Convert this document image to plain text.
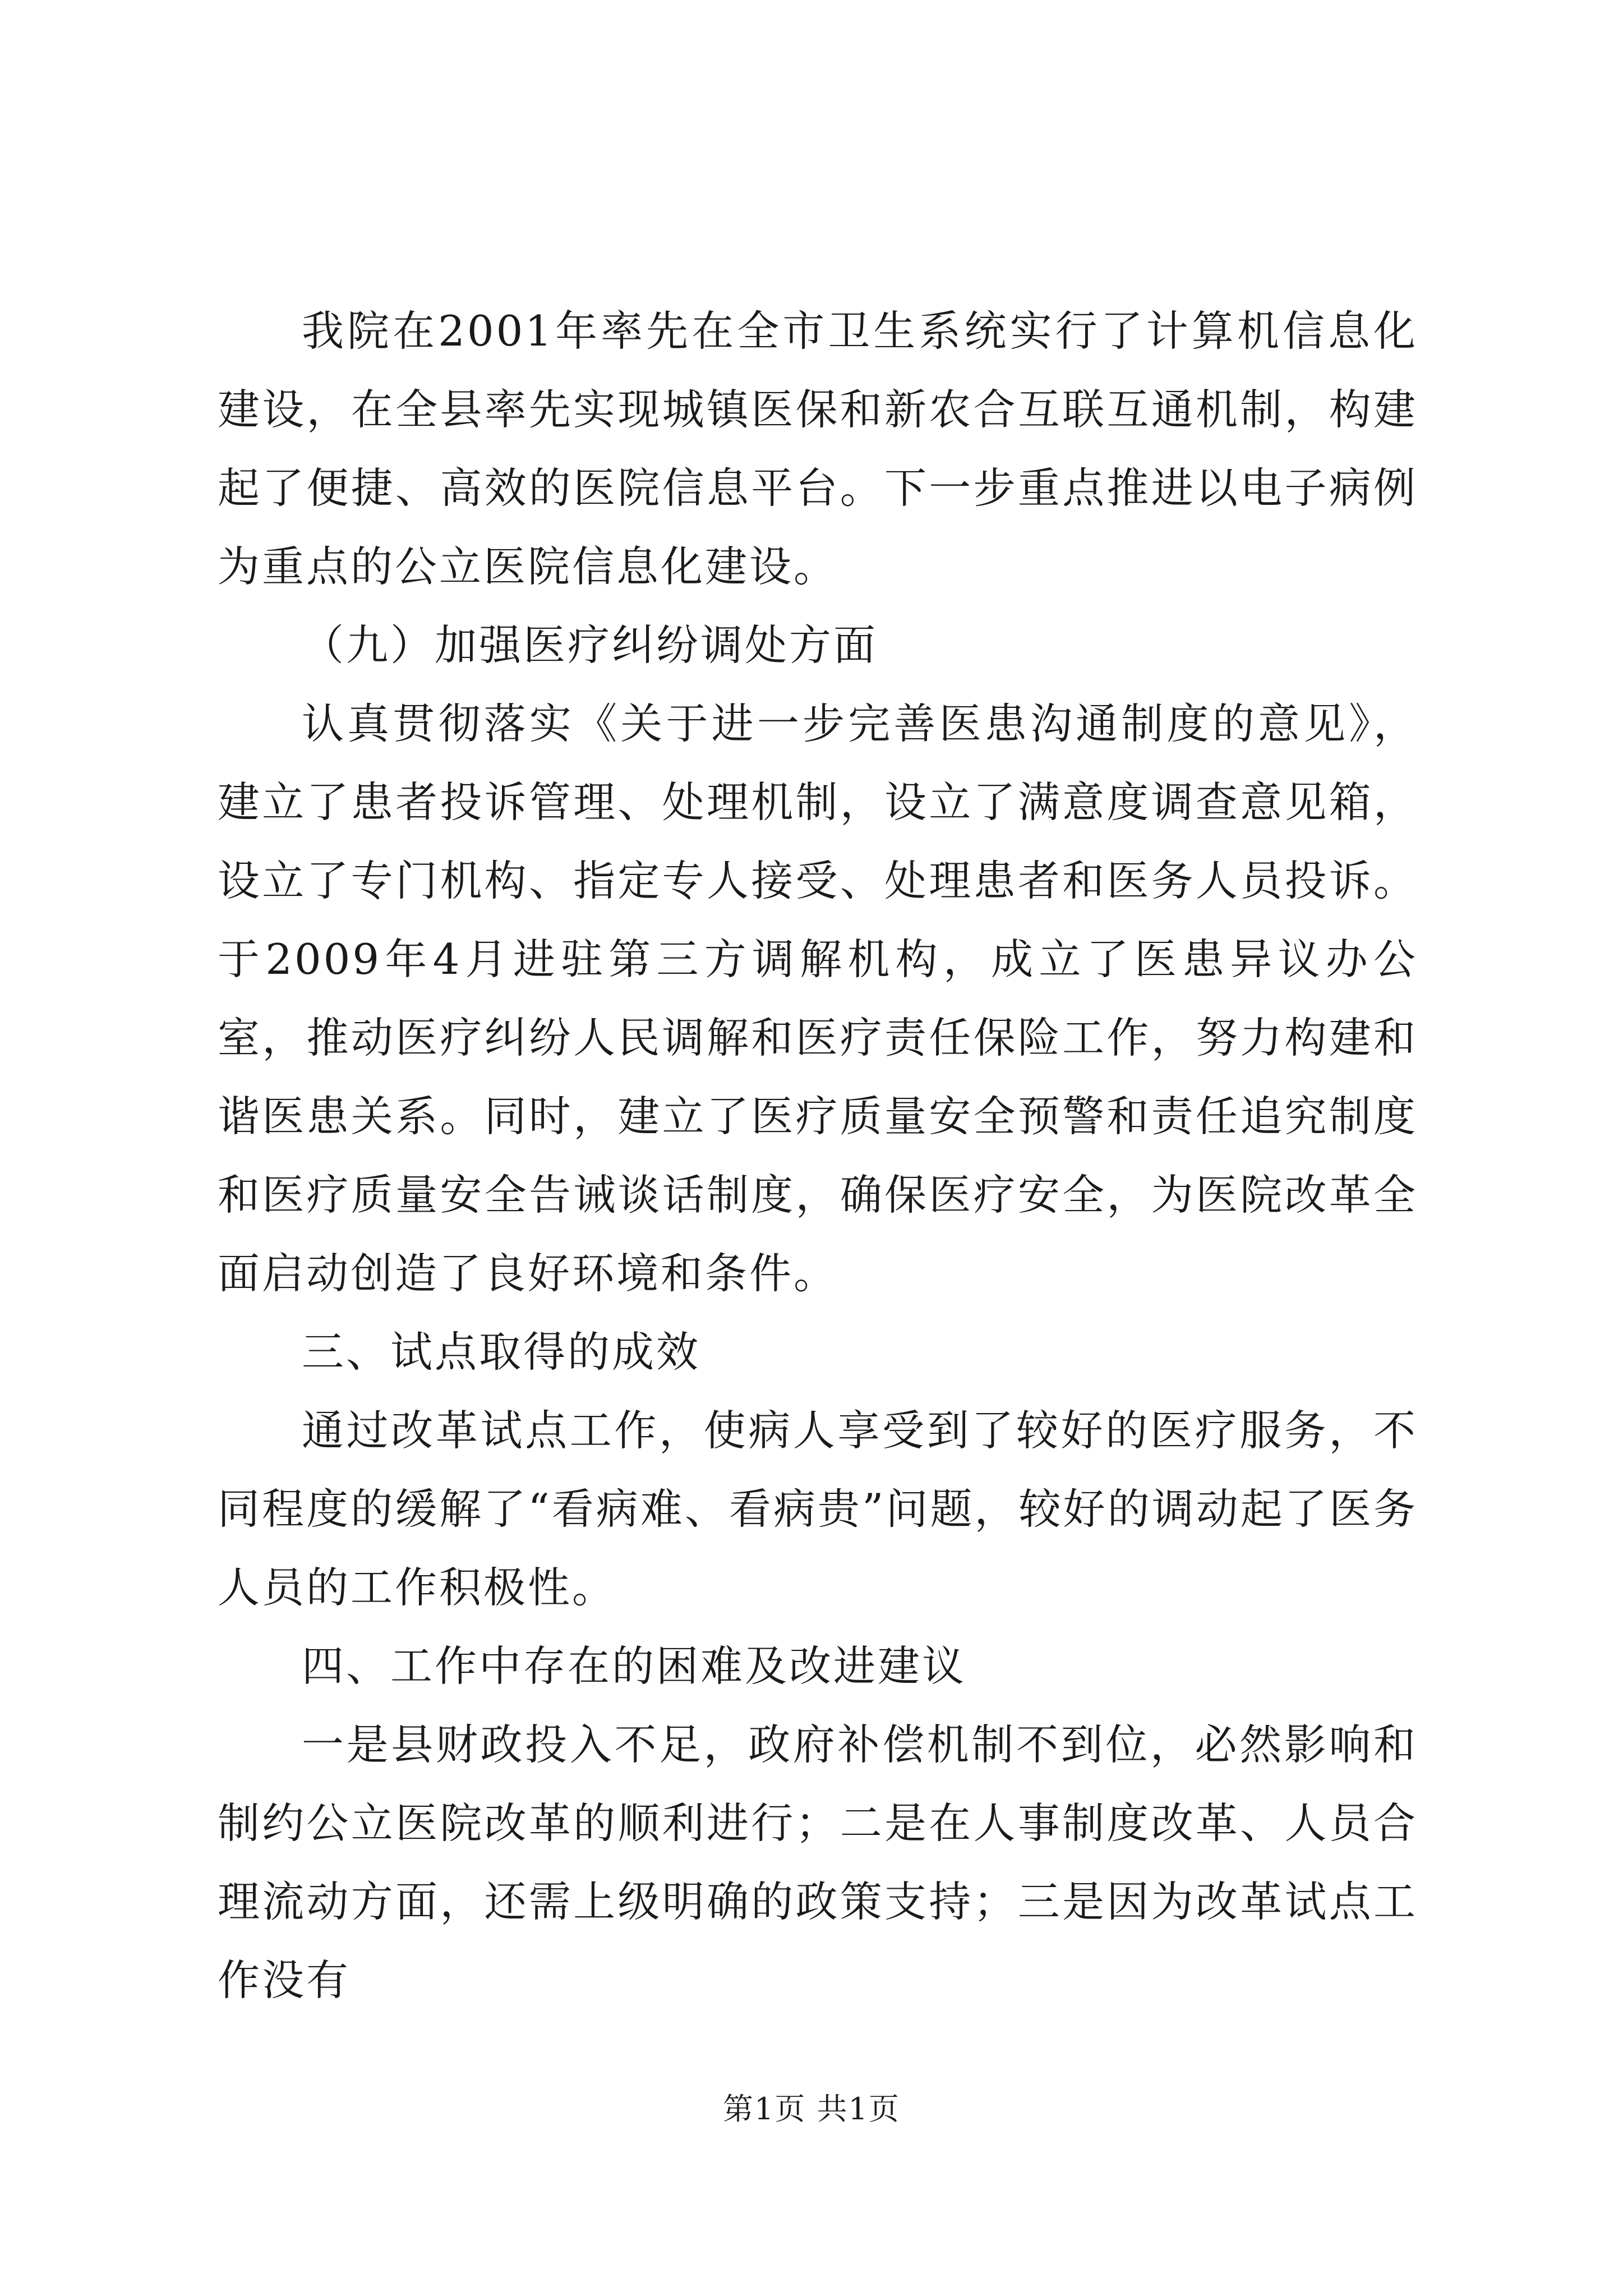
我院在2001年率先在全市卫生系统实行了计算机信息化建设，在全县率先实现城镇医保和新农合互联互通机制，构建起了便捷、高效的医院信息平台。下一步重点推进以电子病例为重点的公立医院信息化建设。

（九）加强医疗纠纷调处方面

认真贯彻落实《关于进一步完善医患沟通制度的意见》，建立了患者投诉管理、处理机制，设立了满意度调查意见箱，设立了专门机构、指定专人接受、处理患者和医务人员投诉。于2009年4月进驻第三方调解机构，成立了医患异议办公室，推动医疗纠纷人民调解和医疗责任保险工作，努力构建和谐医患关系。同时，建立了医疗质量安全预警和责任追究制度和医疗质量安全告诫谈话制度，确保医疗安全，为医院改革全面启动创造了良好环境和条件。

三、试点取得的成效

通过改革试点工作，使病人享受到了较好的医疗服务，不同程度的缓解了“看病难、看病贵”问题，较好的调动起了医务人员的工作积极性。

四、工作中存在的困难及改进建议

一是县财政投入不足，政府补偿机制不到位，必然影响和制约公立医院改革的顺利进行；二是在人事制度改革、人员合理流动方面，还需上级明确的政策支持；三是因为改革试点工作没有

第1页 共1页
